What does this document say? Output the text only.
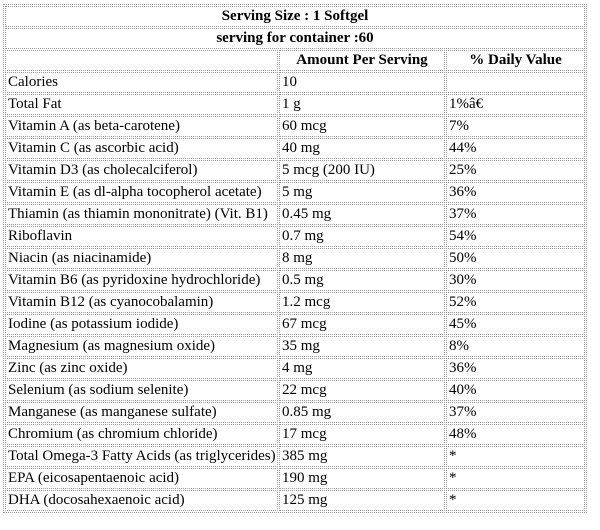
Serving Size : 1 Softgel		
serving for container :60		
	Amount Per Serving	% Daily Value
Calories	10	
Total Fat	1 g	1%â€
Vitamin A (as beta-carotene)	60 mcg	7%
Vitamin C (as ascorbic acid)	40 mg	44%
Vitamin D3 (as cholecalciferol)	5 mcg (200 IU)	25%
Vitamin E (as dl-alpha tocopherol acetate)	5 mg	36%
Thiamin (as thiamin mononitrate) (Vit. B1)	0.45 mg	37%
Riboflavin	0.7 mg	54%
Niacin (as niacinamide)	8 mg	50%
Vitamin B6 (as pyridoxine hydrochloride)	0.5 mg	30%
Vitamin B12 (as cyanocobalamin)	1.2 mcg	52%
Iodine (as potassium iodide)	67 mcg	45%
Magnesium (as magnesium oxide)	35 mg	8%
Zinc (as zinc oxide)	4 mg	36%
Selenium (as sodium selenite)	22 mcg	40%
Manganese (as manganese sulfate)	0.85 mg	37%
Chromium (as chromium chloride)	17 mcg	48%
Total Omega-3 Fatty Acids (as triglycerides)	385 mg	*
EPA (eicosapentaenoic acid)	190 mg	*
DHA (docosahexaenoic acid)	125 mg	*
